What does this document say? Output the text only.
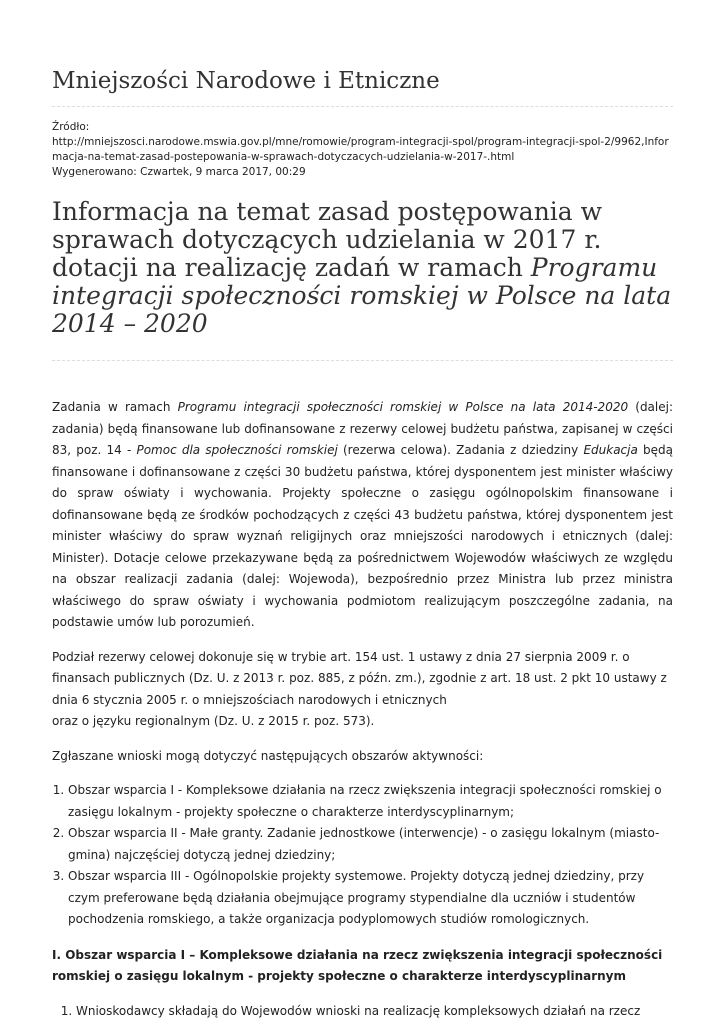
Mniejszości Narodowe i Etniczne
Źródło:
http://mniejszosci.narodowe.mswia.gov.pl/mne/romowie/program-integracji-spol/program-integracji-spol-2/9962,Informacja-na-temat-zasad-postepowania-w-sprawach-dotyczacych-udzielania-w-2017-.html
Wygenerowano: Czwartek, 9 marca 2017, 00:29
Informacja na temat zasad postępowania w sprawach dotyczących udzielania w 2017 r. dotacji na realizację zadań w ramach Programu integracji społeczności romskiej w Polsce na lata 2014 – 2020

Zadania w ramach Programu integracji społeczności romskiej w Polsce na lata 2014-2020 (dalej: zadania) będą finansowane lub dofinansowane z rezerwy celowej budżetu państwa, zapisanej w części 83, poz. 14 - Pomoc dla społeczności romskiej (rezerwa celowa). Zadania z dziedziny Edukacja będą finansowane i dofinansowane z części 30 budżetu państwa, której dysponentem jest minister właściwy do spraw oświaty i wychowania. Projekty społeczne o zasięgu ogólnopolskim finansowane i dofinansowane będą ze środków pochodzących z części 43 budżetu państwa, której dysponentem jest minister właściwy do spraw wyznań religijnych oraz mniejszości narodowych i etnicznych (dalej: Minister). Dotacje celowe przekazywane będą za pośrednictwem Wojewodów właściwych ze względu na obszar realizacji zadania (dalej: Wojewoda), bezpośrednio przez Ministra lub przez ministra właściwego do spraw oświaty i wychowania podmiotom realizującym poszczególne zadania, na podstawie umów lub porozumień.

Podział rezerwy celowej dokonuje się w trybie art. 154 ust. 1 ustawy z dnia 27 sierpnia 2009 r. o finansach publicznych (Dz. U. z 2013 r. poz. 885, z późn. zm.), zgodnie z art. 18 ust. 2 pkt 10 ustawy z dnia 6 stycznia 2005 r. o mniejszościach narodowych i etnicznych
oraz o języku regionalnym (Dz. U. z 2015 r. poz. 573).

Zgłaszane wnioski mogą dotyczyć następujących obszarów aktywności:

1. Obszar wsparcia I - Kompleksowe działania na rzecz zwiększenia integracji społeczności romskiej o zasięgu lokalnym - projekty społeczne o charakterze interdyscyplinarnym;
2. Obszar wsparcia II - Małe granty. Zadanie jednostkowe (interwencje) - o zasięgu lokalnym (miasto-gmina) najczęściej dotyczą jednej dziedziny;
3. Obszar wsparcia III - Ogólnopolskie projekty systemowe. Projekty dotyczą jednej dziedziny, przy czym preferowane będą działania obejmujące programy stypendialne dla uczniów i studentów pochodzenia romskiego, a także organizacja podyplomowych studiów romologicznych.

I. Obszar wsparcia I – Kompleksowe działania na rzecz zwiększenia integracji społeczności romskiej o zasięgu lokalnym - projekty społeczne o charakterze interdyscyplinarnym

1. Wnioskodawcy składają do Wojewodów wnioski na realizację kompleksowych działań na rzecz
